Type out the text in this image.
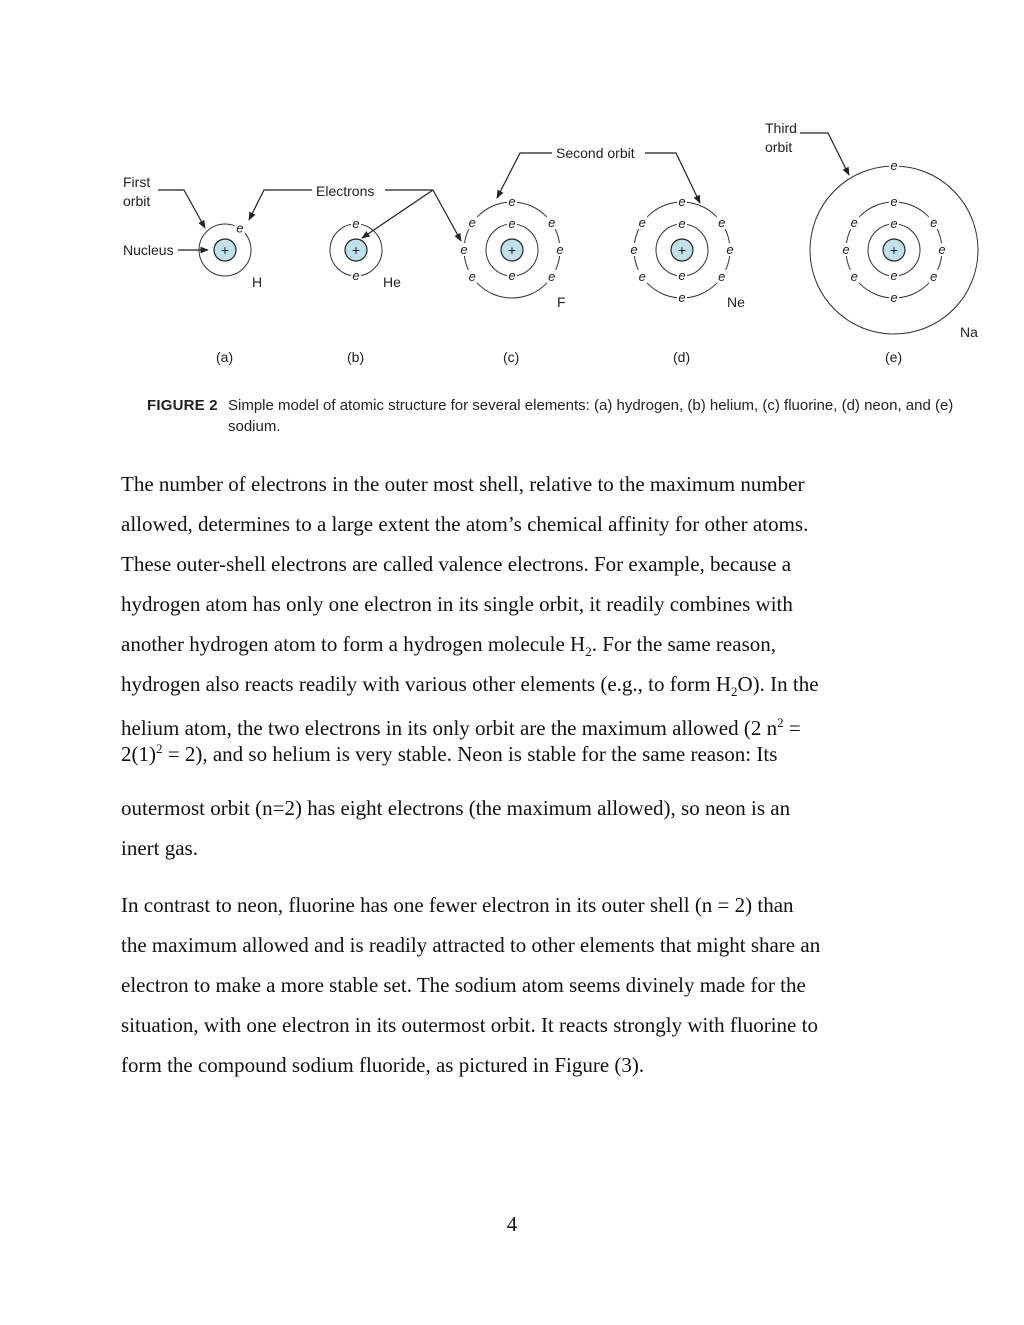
First
orbit
Nucleus
Electrons
Second orbit
Third
orbit
e
+
e
e
+
e
e
e
e
e
e	e
e
e
+
e
e
e
e
e
e
e
e
e
e
+
e
e
e
e
e
e
e
e
e
e
e
+
H	He
F	Ne
Na
(a)	(b)	(c)	(d)	(e)
FIGURE 2 Simple model of atomic structure for several elements: (a) hydrogen, (b) helium, (c) fluorine, (d) neon, and (e) sodium.
The number of electrons in the outer most shell, relative to the maximum number
allowed, determines to a large extent the atom’s chemical affinity for other atoms.
These outer-shell electrons are called valence electrons. For example, because a
hydrogen atom has only one electron in its single orbit, it readily combines with
another hydrogen atom to form a hydrogen molecule $H_2$. For the same reason,
hydrogen also reacts readily with various other elements (e.g., to form $H_2O$). In the
helium atom, the two electrons in its only orbit are the maximum allowed (2 $n^2$ =
$2(1)^2 = 2$), and so helium is very stable. Neon is stable for the same reason: Its
outermost orbit (n=2) has eight electrons (the maximum allowed), so neon is an
inert gas.
In contrast to neon, fluorine has one fewer electron in its outer shell (n = 2) than
the maximum allowed and is readily attracted to other elements that might share an
electron to make a more stable set. The sodium atom seems divinely made for the
situation, with one electron in its outermost orbit. It reacts strongly with fluorine to
form the compound sodium fluoride, as pictured in Figure (3).
4
